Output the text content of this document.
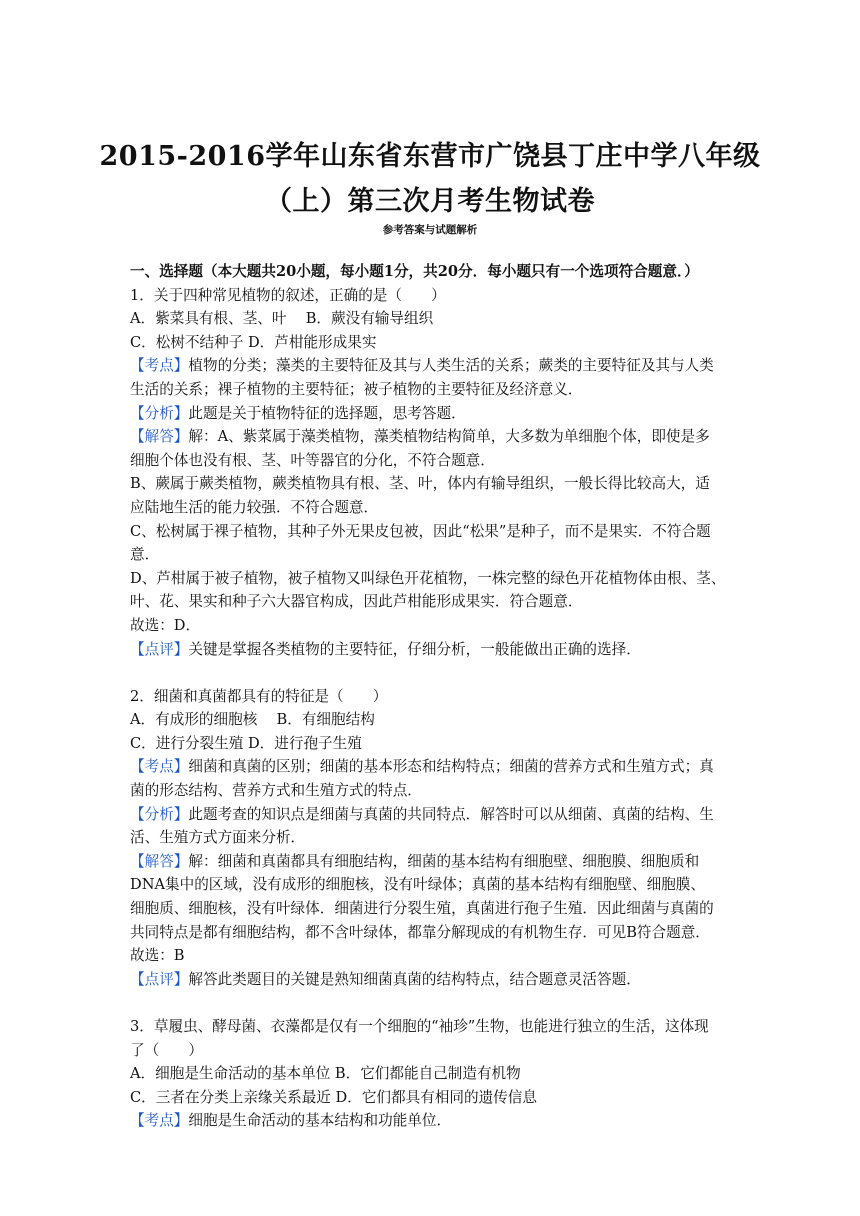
2015-2016学年山东省东营市广饶县丁庄中学八年级
（上）第三次月考生物试卷
参考答案与试题解析
一、选择题（本大题共20小题，每小题1分，共20分．每小题只有一个选项符合题意．）
1．关于四种常见植物的叙述，正确的是（　　）
A．紫菜具有根、茎、叶　 B．蕨没有输导组织
C．松树不结种子 D．芦柑能形成果实
【考点】植物的分类；藻类的主要特征及其与人类生活的关系；蕨类的主要特征及其与人类
生活的关系；裸子植物的主要特征；被子植物的主要特征及经济意义．
【分析】此题是关于植物特征的选择题，思考答题．
【解答】解：A、紫菜属于藻类植物，藻类植物结构简单，大多数为单细胞个体，即使是多
细胞个体也没有根、茎、叶等器官的分化，不符合题意．
B、蕨属于蕨类植物，蕨类植物具有根、茎、叶，体内有输导组织，一般长得比较高大，适
应陆地生活的能力较强．不符合题意．
C、松树属于裸子植物，其种子外无果皮包被，因此“松果”是种子，而不是果实．不符合题
意．
D、芦柑属于被子植物，被子植物又叫绿色开花植物，一株完整的绿色开花植物体由根、茎、
叶、花、果实和种子六大器官构成，因此芦柑能形成果实．符合题意．
故选：D．
【点评】关键是掌握各类植物的主要特征，仔细分析，一般能做出正确的选择．
2．细菌和真菌都具有的特征是（　　）
A．有成形的细胞核　 B．有细胞结构
C．进行分裂生殖 D．进行孢子生殖
【考点】细菌和真菌的区别；细菌的基本形态和结构特点；细菌的营养方式和生殖方式；真
菌的形态结构、营养方式和生殖方式的特点．
【分析】此题考查的知识点是细菌与真菌的共同特点．解答时可以从细菌、真菌的结构、生
活、生殖方式方面来分析．
【解答】解：细菌和真菌都具有细胞结构，细菌的基本结构有细胞壁、细胞膜、细胞质和
DNA集中的区域，没有成形的细胞核，没有叶绿体；真菌的基本结构有细胞壁、细胞膜、
细胞质、细胞核，没有叶绿体．细菌进行分裂生殖，真菌进行孢子生殖．因此细菌与真菌的
共同特点是都有细胞结构，都不含叶绿体，都靠分解现成的有机物生存．可见B符合题意．
故选：B
【点评】解答此类题目的关键是熟知细菌真菌的结构特点，结合题意灵活答题．
3．草履虫、酵母菌、衣藻都是仅有一个细胞的“袖珍”生物，也能进行独立的生活，这体现
了（　　）
A．细胞是生命活动的基本单位 B．它们都能自己制造有机物
C．三者在分类上亲缘关系最近 D．它们都具有相同的遗传信息
【考点】细胞是生命活动的基本结构和功能单位．
